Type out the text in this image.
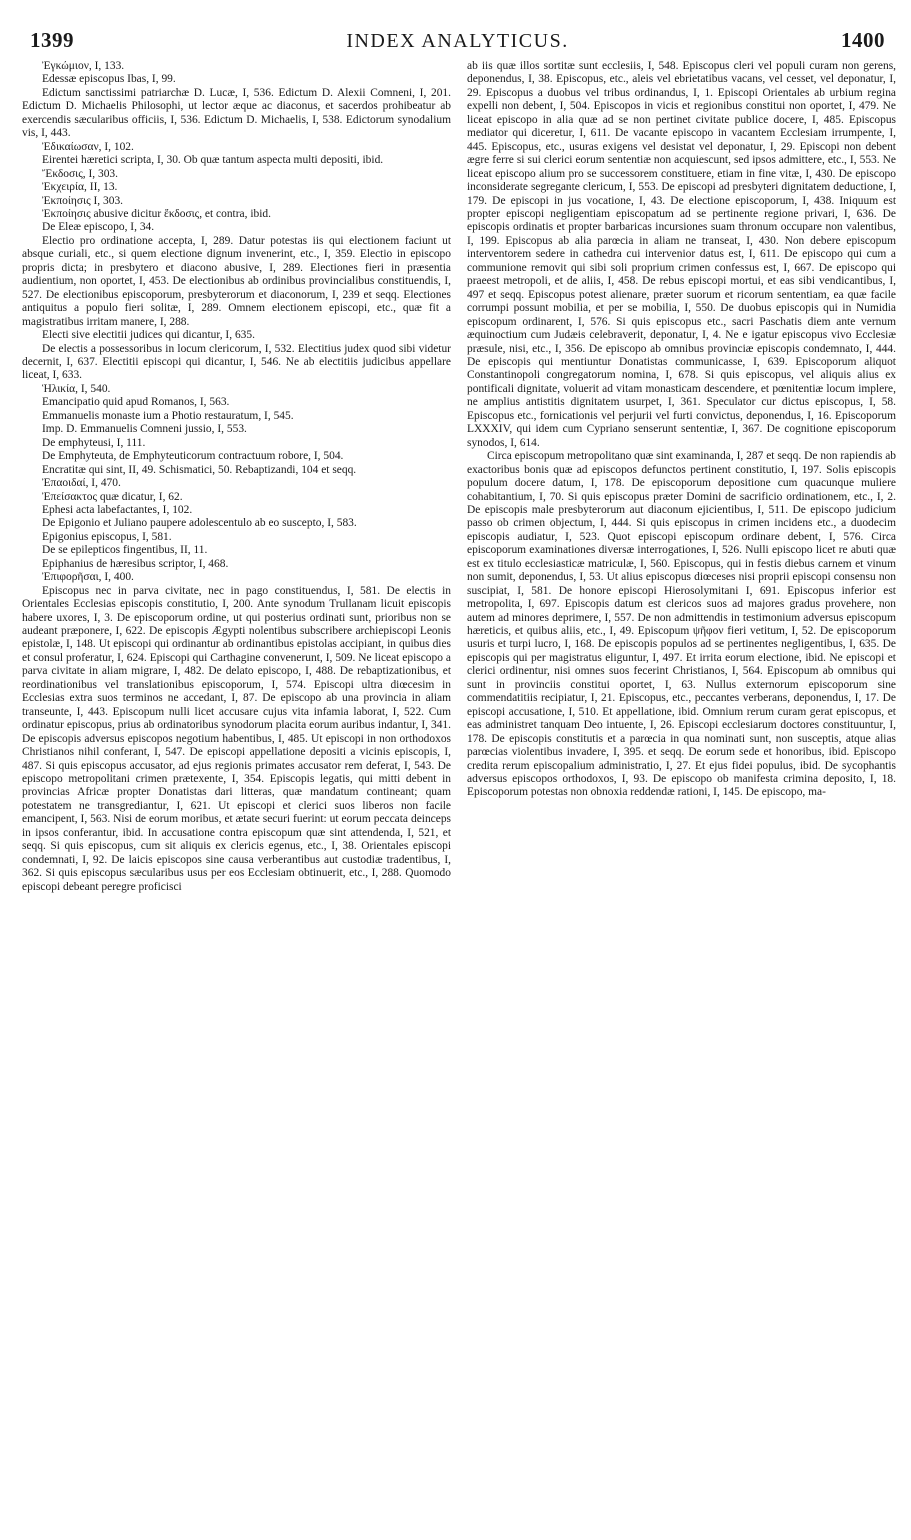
1399	INDEX ANALYTICUS.	1400

Ἐγκώμιον, I, 133.

Edessæ episcopus Ibas, I, 99.

Edictum sanctissimi patriarchæ D. Lucæ, I, 536. Edictum D. Alexii Comneni, I, 201. Edictum D. Michaelis Philosophi, ut lector æque ac diaconus, et sacerdos prohibeatur ab exercendis sæcularibus officiis, I, 536. Edictum D. Michaelis, I, 538. Edictorum synodalium vis, I, 443.

Ἐδικαίωσαν, I, 102.

Eirentei hæretici scripta, I, 30. Ob quæ tantum aspecta multi depositi, ibid.

Ἔκδοσις, I, 303.

Ἐκχειρία, II, 13.

Ἐκποίησις I, 303.

Ἐκποίησις abusive dicitur ἔκδοσις, et contra, ibid.

De Eleæ episcopo, I, 34.

Electio pro ordinatione accepta, I, 289. Datur potestas iis qui electionem faciunt ut absque curiali, etc., si quem electione dignum invenerint, etc., I, 359. Electio in episcopo propris dicta; in presbytero et diacono abusive, I, 289. Electiones fieri in præsentia audientium, non oportet, I, 453. De electionibus ab ordinibus provincialibus constituendis, I, 527. De electionibus episcoporum, presbyterorum et diaconorum, I, 239 et seqq. Electiones antiquitus a populo fieri solitæ, I, 289. Omnem electionem episcopi, etc., quæ fit a magistratibus irritam manere, I, 288.

Electi sive electitii judices qui dicantur, I, 635.

De electis a possessoribus in locum clericorum, I, 532. Electitius judex quod sibi videtur decernit, I, 637. Electitii episcopi qui dicantur, I, 546. Ne ab electitiis judicibus appellare liceat, I, 633.

Ἡλικία, I, 540.

Emancipatio quid apud Romanos, I, 563.

Emmanuelis monaste ium a Photio restauratum, I, 545.

Imp. D. Emmanuelis Comneni jussio, I, 553.

De emphyteusi, I, 111.

De Emphyteuta, de Emphyteuticorum contractuum robore, I, 504.

Encratitæ qui sint, II, 49. Schismatici, 50. Rebaptizandi, 104 et seqq.

Ἐπαοιδαί, I, 470.

Ἐπείσακτος quæ dicatur, I, 62.

Ephesi acta labefactantes, I, 102.

De Epigonio et Juliano paupere adolescentulo ab eo suscepto, I, 583.

Epigonius episcopus, I, 581.

De se epilepticos fingentibus, II, 11.

Epiphanius de hæresibus scriptor, I, 468.

Ἐπιφορῆσαι, I, 400.

Episcopus nec in parva civitate, nec in pago constituendus, I, 581. De electis in Orientales Ecclesias episcopis constitutio, I, 200. Ante synodum Trullanam licuit episcopis habere uxores, I, 3. De episcoporum ordine, ut qui posterius ordinati sunt, prioribus non se audeant præponere, I, 622. De episcopis Ægypti nolentibus subscribere archiepiscopi Leonis epistolæ, I, 148. Ut episcopi qui ordinantur ab ordinantibus epistolas accipiant, in quibus dies et consul proferatur, I, 624. Episcopi qui Carthagine convenerunt, I, 509. Ne liceat episcopo a parva civitate in aliam migrare, I, 482. De delato episcopo, I, 488. De rebaptizationibus, et reordinationibus vel translationibus episcoporum, I, 574. Episcopi ultra diœcesim in Ecclesias extra suos terminos ne accedant, I, 87. De episcopo ab una provincia in aliam transeunte, I, 443. Episcopum nulli licet accusare cujus vita infamia laborat, I, 522. Cum ordinatur episcopus, prius ab ordinatoribus synodorum placita eorum auribus indantur, I, 341. De episcopis adversus episcopos negotium habentibus, I, 485. Ut episcopi in non orthodoxos Christianos nihil conferant, I, 547. De episcopi appellatione depositi a vicinis episcopis, I, 487. Si quis episcopus accusator, ad ejus regionis primates accusator rem deferat, I, 543. De episcopo metropolitani crimen prætexente, I, 354. Episcopis legatis, qui mitti debent in provincias Africæ propter Donatistas dari litteras, quæ mandatum contineant; quam potestatem ne transgrediantur, I, 621. Ut episcopi et clerici suos liberos non facile emancipent, I, 563. Nisi de eorum moribus, et ætate securi fuerint: ut eorum peccata deinceps in ipsos conferantur, ibid. In accusatione contra episcopum quæ sint attendenda, I, 521, et seqq. Si quis episcopus, cum sit aliquis ex clericis egenus, etc., I, 38. Orientales episcopi condemnati, I, 92. De laicis episcopos sine causa verberantibus aut custodiæ tradentibus, I, 362. Si quis episcopus sæcularibus usus per eos Ecclesiam obtinuerit, etc., I, 288. Quomodo episcopi debeant peregre proficisci

ab iis quæ illos sortitæ sunt ecclesiis, I, 548. Episcopus cleri vel populi curam non gerens, deponendus, I, 38. Episcopus, etc., aleis vel ebrietatibus vacans, vel cesset, vel deponatur, I, 29. Episcopus a duobus vel tribus ordinandus, I, 1. Episcopi Orientales ab urbium regina expelli non debent, I, 504. Episcopos in vicis et regionibus constitui non oportet, I, 479. Ne liceat episcopo in alia quæ ad se non pertinet civitate publice docere, I, 485. Episcopus mediator qui diceretur, I, 611. De vacante episcopo in vacantem Ecclesiam irrumpente, I, 445. Episcopus, etc., usuras exigens vel desistat vel deponatur, I, 29. Episcopi non debent ægre ferre si sui clerici eorum sententiæ non acquiescunt, sed ipsos admittere, etc., I, 553. Ne liceat episcopo alium pro se successorem constituere, etiam in fine vitæ, I, 430. De episcopo inconsiderate segregante clericum, I, 553. De episcopi ad presbyteri dignitatem deductione, I, 179. De episcopi in jus vocatione, I, 43. De electione episcoporum, I, 438. Iniquum est propter episcopi negligentiam episcopatum ad se pertinente regione privari, I, 636. De episcopis ordinatis et propter barbaricas incursiones suam thronum occupare non valentibus, I, 199. Episcopus ab alia parœcia in aliam ne transeat, I, 430. Non debere episcopum interventorem sedere in cathedra cui intervenior datus est, I, 611. De episcopo qui cum a communione removit qui sibi soli proprium crimen confessus est, I, 667. De episcopo qui praeest metropoli, et de aliis, I, 458. De rebus episcopi mortui, et eas sibi vendicantibus, I, 497 et seqq. Episcopus potest alienare, præter suorum et ricorum sententiam, ea quæ facile corrumpi possunt mobilia, et per se mobilia, I, 550. De duobus episcopis qui in Numidia episcopum ordinarent, I, 576. Si quis episcopus etc., sacri Paschatis diem ante vernum æquinoctium cum Judæis celebraverit, deponatur, I, 4. Ne e igatur episcopus vivo Ecclesiæ præsule, nisi, etc., I, 356. De episcopo ab omnibus provinciæ episcopis condemnato, I, 444. De episcopis qui mentiuntur Donatistas communicasse, I, 639. Episcoporum aliquot Constantinopoli congregatorum nomina, I, 678. Si quis episcopus, vel aliquis alius ex pontificali dignitate, voluerit ad vitam monasticam descendere, et pœnitentiæ locum implere, ne amplius antistitis dignitatem usurpet, I, 361. Speculator cur dictus episcopus, I, 58. Episcopus etc., fornicationis vel perjurii vel furti convictus, deponendus, I, 16. Episcoporum LXXXIV, qui idem cum Cypriano senserunt sententiæ, I, 367. De cognitione episcoporum synodos, I, 614.

Circa episcopum metropolitano quæ sint examinanda, I, 287 et seqq. De non rapiendis ab exactoribus bonis quæ ad episcopos defunctos pertinent constitutio, I, 197. Solis episcopis populum docere datum, I, 178. De episcoporum depositione cum quacunque muliere cohabitantium, I, 70. Si quis episcopus præter Domini de sacrificio ordinationem, etc., I, 2. De episcopis male presbyterorum aut diaconum ejicientibus, I, 511. De episcopo judicium passo ob crimen objectum, I, 444. Si quis episcopus in crimen incidens etc., a duodecim episcopis audiatur, I, 523. Quot episcopi episcopum ordinare debent, I, 576. Circa episcoporum examinationes diversæ interrogationes, I, 526. Nulli episcopo licet re abuti quæ est ex titulo ecclesiasticæ matriculæ, I, 560. Episcopus, qui in festis diebus carnem et vinum non sumit, deponendus, I, 53. Ut alius episcopus diœceses nisi proprii episcopi consensu non suscipiat, I, 581. De honore episcopi Hierosolymitani I, 691. Episcopus inferior est metropolita, I, 697. Episcopis datum est clericos suos ad majores gradus provehere, non autem ad minores deprimere, I, 557. De non admittendis in testimonium adversus episcopum hæreticis, et quibus aliis, etc., I, 49. Episcopum ψῆφον fieri vetitum, I, 52. De episcoporum usuris et turpi lucro, I, 168. De episcopis populos ad se pertinentes negligentibus, I, 635. De episcopis qui per magistratus eliguntur, I, 497. Et irrita eorum electione, ibid. Ne episcopi et clerici ordinentur, nisi omnes suos fecerint Christianos, I, 564. Episcopum ab omnibus qui sunt in provinciis constitui oportet, I, 63. Nullus externorum episcoporum sine commendatitiis recipiatur, I, 21. Episcopus, etc., peccantes verberans, deponendus, I, 17. De episcopi accusatione, I, 510. Et appellatione, ibid. Omnium rerum curam gerat episcopus, et eas administret tanquam Deo intuente, I, 26. Episcopi ecclesiarum doctores constituuntur, I, 178. De episcopis constitutis et a parœcia in qua nominati sunt, non susceptis, atque alias parœcias violentibus invadere, I, 395. et seqq. De eorum sede et honoribus, ibid. Episcopo credita rerum episcopalium administratio, I, 27. Et ejus fidei populus, ibid. De sycophantis adversus episcopos orthodoxos, I, 93. De episcopo ob manifesta crimina deposito, I, 18. Episcoporum potestas non obnoxia reddendæ rationi, I, 145. De episcopo, ma-
